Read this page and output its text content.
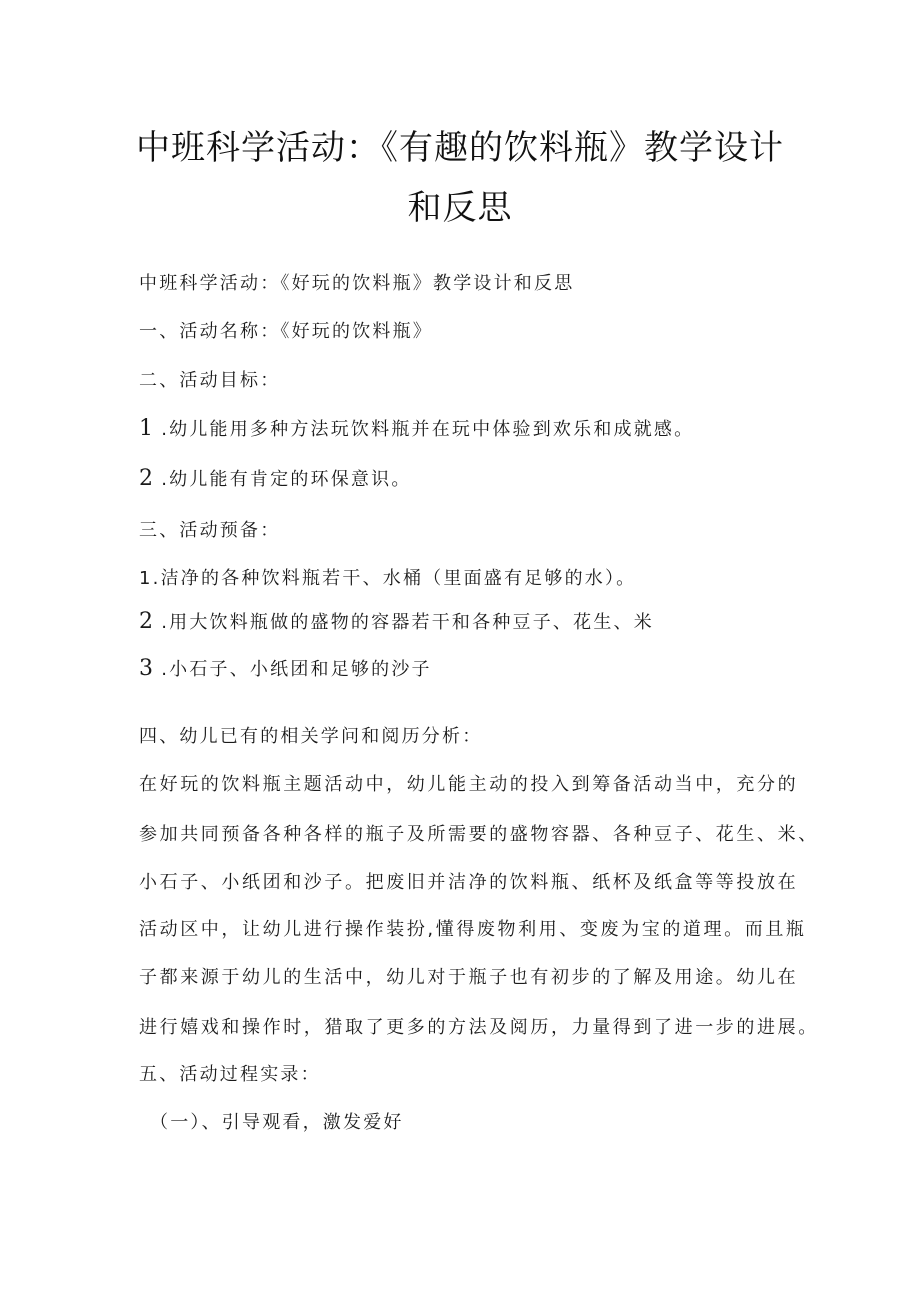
中班科学活动：《有趣的饮料瓶》教学设计
和反思
中班科学活动：《好玩的饮料瓶》教学设计和反思
一、活动名称：《好玩的饮料瓶》
二、活动目标：
1 .幼儿能用多种方法玩饮料瓶并在玩中体验到欢乐和成就感。
2 .幼儿能有肯定的环保意识。
三、活动预备：
1.洁净的各种饮料瓶若干、水桶（里面盛有足够的水）。
2 .用大饮料瓶做的盛物的容器若干和各种豆子、花生、米
3 .小石子、小纸团和足够的沙子
四、幼儿已有的相关学问和阅历分析：
在好玩的饮料瓶主题活动中，幼儿能主动的投入到筹备活动当中，充分的
参加共同预备各种各样的瓶子及所需要的盛物容器、各种豆子、花生、米、
小石子、小纸团和沙子。把废旧并洁净的饮料瓶、纸杯及纸盒等等投放在
活动区中，让幼儿进行操作装扮,懂得废物利用、变废为宝的道理。而且瓶
子都来源于幼儿的生活中，幼儿对于瓶子也有初步的了解及用途。幼儿在
进行嬉戏和操作时，猎取了更多的方法及阅历，力量得到了进一步的进展。
五、活动过程实录：
（一）、引导观看，激发爱好
